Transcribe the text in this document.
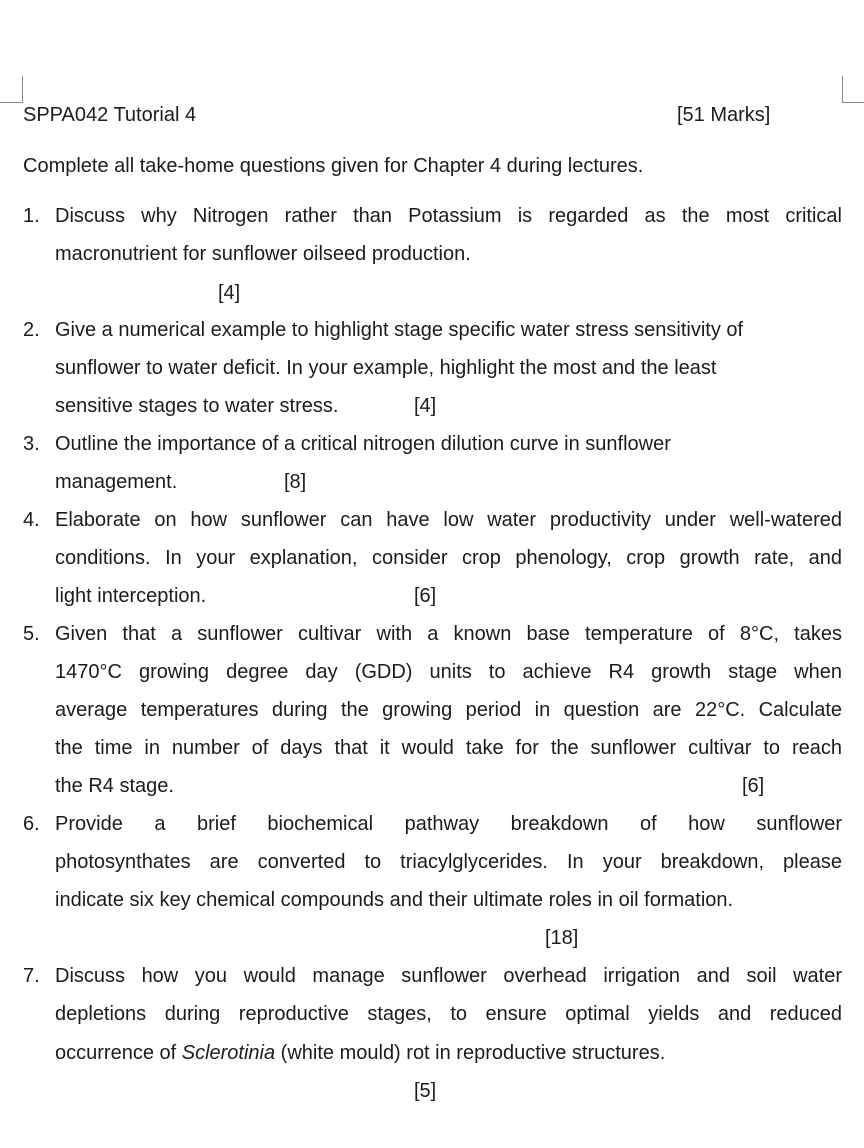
SPPA042 Tutorial 4	[51 Marks]
Complete all take-home questions given for Chapter 4 during lectures.
1. Discuss why Nitrogen rather than Potassium is regarded as the most critical
macronutrient for sunflower oilseed production.
[4]
2. Give a numerical example to highlight stage specific water stress sensitivity of
sunflower to water deficit. In your example, highlight the most and the least
sensitive stages to water stress.	[4]
3. Outline the importance of a critical nitrogen dilution curve in sunflower
management.	[8]
4. Elaborate on how sunflower can have low water productivity under well-watered
conditions. In your explanation, consider crop phenology, crop growth rate, and
light interception.	[6]
5. Given that a sunflower cultivar with a known base temperature of 8°C, takes
1470°C growing degree day (GDD) units to achieve R4 growth stage when
average temperatures during the growing period in question are 22°C. Calculate
the time in number of days that it would take for the sunflower cultivar to reach
the R4 stage.	[6]
6. Provide a brief biochemical pathway breakdown of how sunflower
photosynthates are converted to triacylglycerides. In your breakdown, please
indicate six key chemical compounds and their ultimate roles in oil formation.
[18]
7. Discuss how you would manage sunflower overhead irrigation and soil water
depletions during reproductive stages, to ensure optimal yields and reduced
occurrence of Sclerotinia (white mould) rot in reproductive structures.
[5]
